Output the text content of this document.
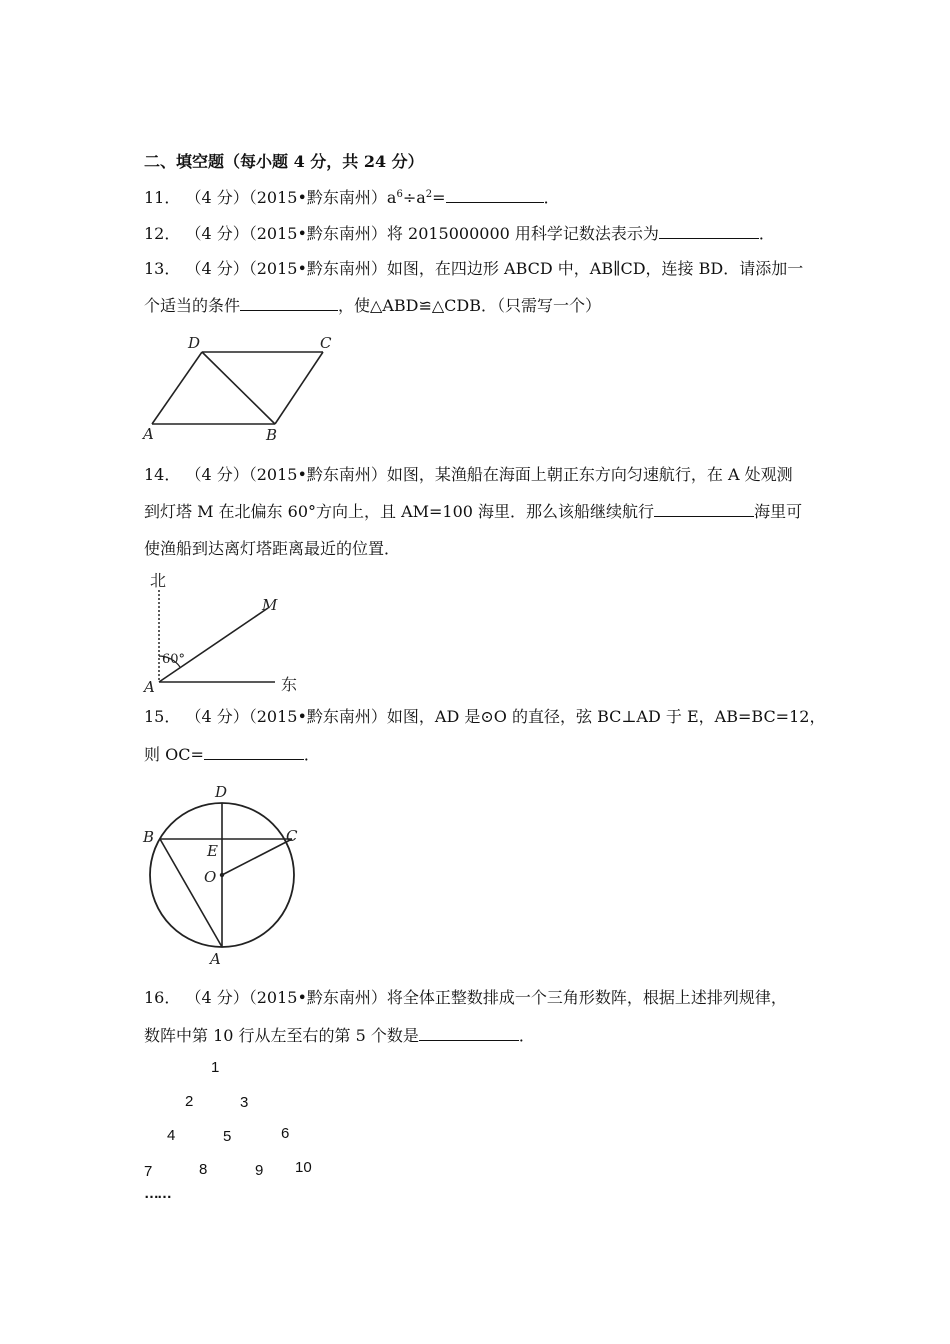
二、填空题（每小题 4 分，共 24 分）
11． （4 分）（2015•黔东南州）$a^6\div a^2=$	．
12． （4 分）（2015•黔东南州）将 2015000000 用科学记数法表示为	．
13． （4 分）（2015•黔东南州）如图，在四边形 ABCD 中，AB∥CD，连接 BD．请添加一
个适当的条件	，使△ABD≌△CDB．（只需写一个）
D	C
A	B
14． （4 分）（2015•黔东南州）如图，某渔船在海面上朝正东方向匀速航行，在 A 处观测
到灯塔 M 在北偏东 60°方向上，且 AM=100 海里．那么该船继续航行	海里可
使渔船到达离灯塔距离最近的位置．
北
东
60°
A
M
15． （4 分）（2015•黔东南州）如图，AD 是⊙O 的直径，弦 BC⊥AD 于 E，AB=BC=12，
则 OC=	．
D
B	C
E
O
A
16． （4 分）（2015•黔东南州）将全体正整数排成一个三角形数阵，根据上述排列规律，
数阵中第 10 行从左至右的第 5 个数是	．
1
2	3
4	5	6
7	8	9 10
……
